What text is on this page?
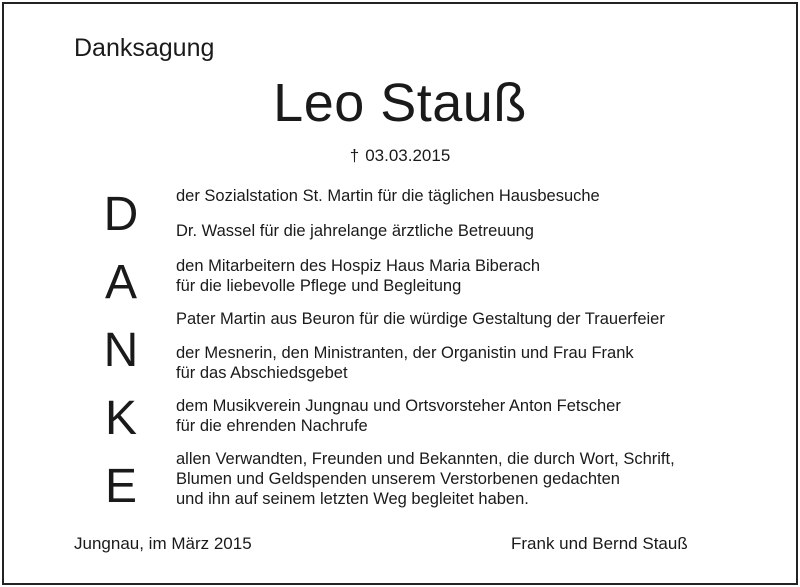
Danksagung
Leo Stauß
† 03.03.2015
D
A
N
K
E
der Sozialstation St. Martin für die täglichen Hausbesuche
Dr. Wassel für die jahrelange ärztliche Betreuung
den Mitarbeitern des Hospiz Haus Maria Biberach
für die liebevolle Pflege und Begleitung
Pater Martin aus Beuron für die würdige Gestaltung der Trauerfeier
der Mesnerin, den Ministranten, der Organistin und Frau Frank
für das Abschiedsgebet
dem Musikverein Jungnau und Ortsvorsteher Anton Fetscher
für die ehrenden Nachrufe
allen Verwandten, Freunden und Bekannten, die durch Wort, Schrift,
Blumen und Geldspenden unserem Verstorbenen gedachten
und ihn auf seinem letzten Weg begleitet haben.
Jungnau, im März 2015	Frank und Bernd Stauß
